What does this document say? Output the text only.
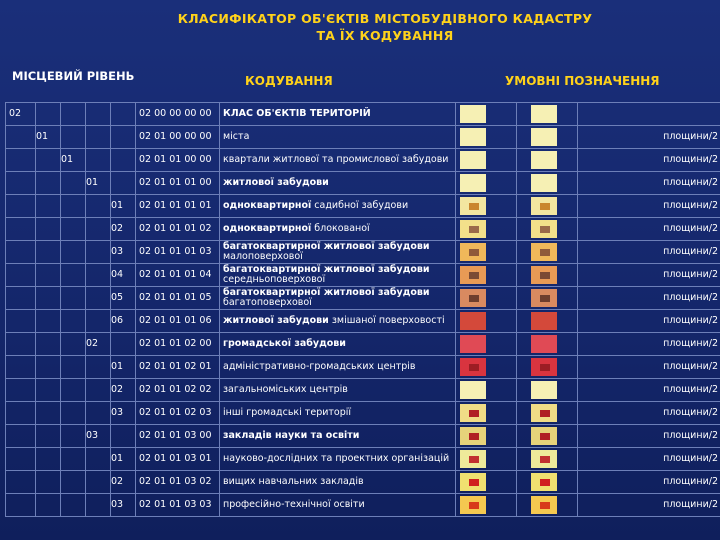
КЛАСИФІКАТОР ОБ'ЄКТІВ МІСТОБУДІВНОГО КАДАСТРУ
ТА ЇХ КОДУВАННЯ
МІСЦЕВИЙ РІВЕНЬ	КОДУВАННЯ	УМОВНІ ПОЗНАЧЕННЯ
02					02 00 00 00 00	КЛАС ОБ'ЄКТІВ ТЕРИТОРІЙ	

	01				02 01 00 00 00	міста			площини/2
		01			02 01 01 00 00	квартали житлової та промислової забудови			площини/2
			01		02 01 01 01 00	житлової забудови			площини/2
				01	02 01 01 01 01	одноквартирної садибної забудови			площини/2
				02	02 01 01 01 02	одноквартирної блокованої			площини/2
				03	02 01 01 01 03	багатоквартирної житлової забудови
малоповерхової			площини/2
				04	02 01 01 01 04	багатоквартирної житлової забудови
середньоповерхової			площини/2
				05	02 01 01 01 05	багатоквартирної житлової забудови
багатоповерхової			площини/2
				06	02 01 01 01 06	житлової забудови змішаної поверховості			площини/2
			02		02 01 01 02 00	громадської забудови			площини/2
				01	02 01 01 02 01	адміністративно-громадських центрів			площини/2
				02	02 01 01 02 02	загальноміських центрів			площини/2
				03	02 01 01 02 03	інші громадські території			площини/2
			03		02 01 01 03 00	закладів науки та освіти			площини/2
				01	02 01 01 03 01	науково-дослідних та проектних організацій			площини/2
				02	02 01 01 03 02	вищих навчальних закладів			площини/2
				03	02 01 01 03 03	професійно-технічної освіти			площини/2
